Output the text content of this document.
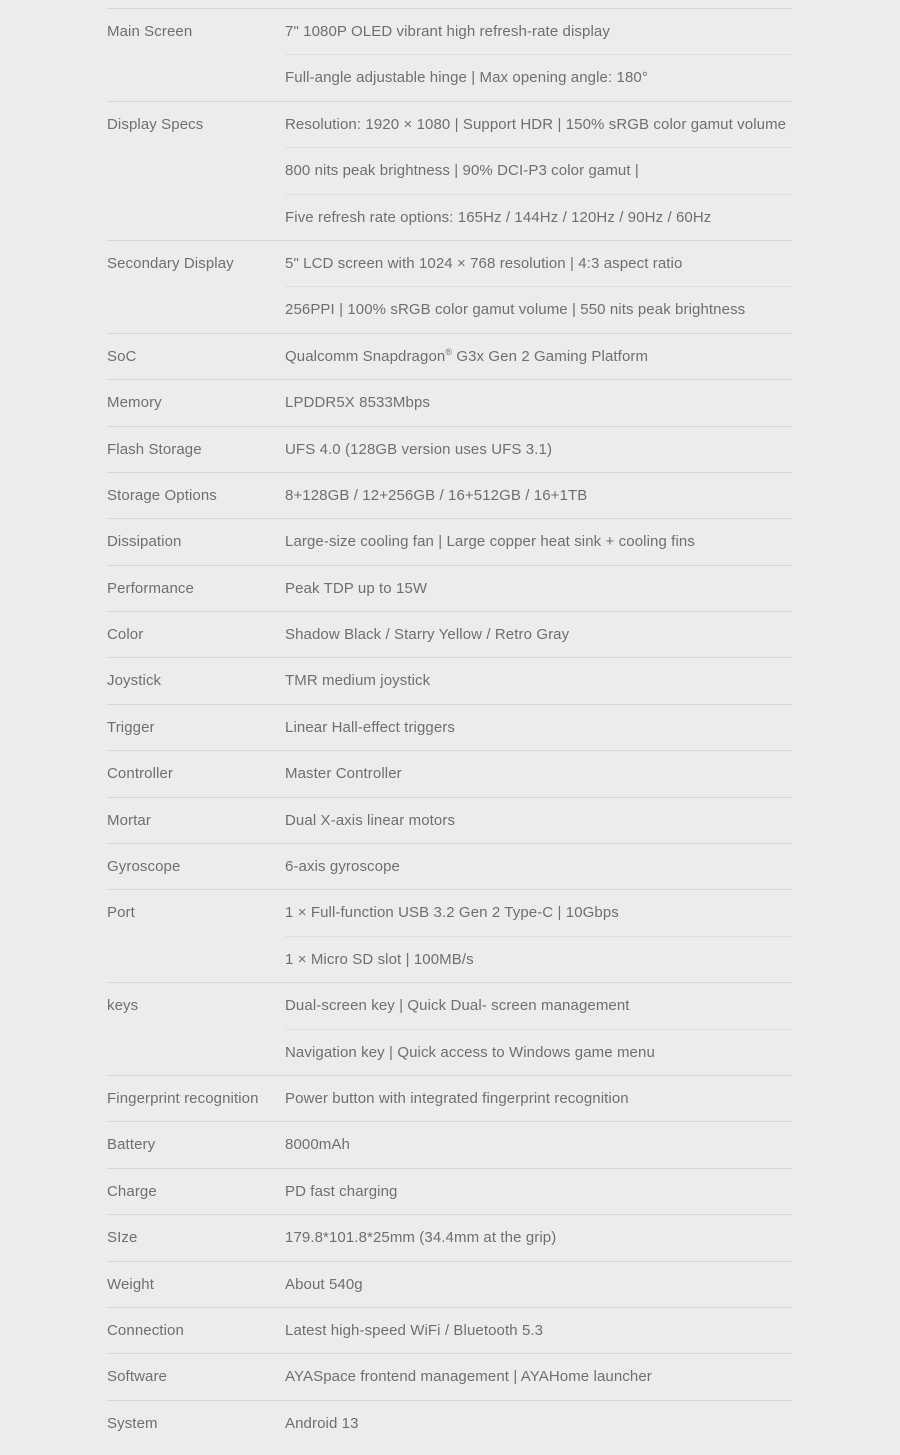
Main Screen	7" 1080P OLED vibrant high refresh-rate display
Full-angle adjustable hinge | Max opening angle: 180°
Display Specs	Resolution: 1920 × 1080 | Support HDR | 150% sRGB color gamut volume
800 nits peak brightness | 90% DCI-P3 color gamut |
Five refresh rate options: 165Hz / 144Hz / 120Hz / 90Hz / 60Hz
Secondary Display	5" LCD screen with 1024 × 768 resolution | 4:3 aspect ratio
256PPI | 100% sRGB color gamut volume | 550 nits peak brightness
SoC	Qualcomm Snapdragon® G3x Gen 2 Gaming Platform
Memory	LPDDR5X 8533Mbps
Flash Storage	UFS 4.0 (128GB version uses UFS 3.1)
Storage Options	8+128GB / 12+256GB / 16+512GB / 16+1TB
Dissipation	Large-size cooling fan | Large copper heat sink + cooling fins
Performance	Peak TDP up to 15W
Color	Shadow Black / Starry Yellow / Retro Gray
Joystick	TMR medium joystick
Trigger	Linear Hall-effect triggers
Controller	Master Controller
Mortar	Dual X-axis linear motors
Gyroscope	6-axis gyroscope
Port	1 × Full-function USB 3.2 Gen 2 Type-C | 10Gbps
1 × Micro SD slot | 100MB/s
keys	Dual-screen key | Quick Dual- screen management
Navigation key | Quick access to Windows game menu
Fingerprint recognition	Power button with integrated fingerprint recognition
Battery	8000mAh
Charge	PD fast charging
SIze	179.8*101.8*25mm (34.4mm at the grip)
Weight	About 540g
Connection	Latest high-speed WiFi / Bluetooth 5.3
Software	AYASpace frontend management | AYAHome launcher
System	Android 13
